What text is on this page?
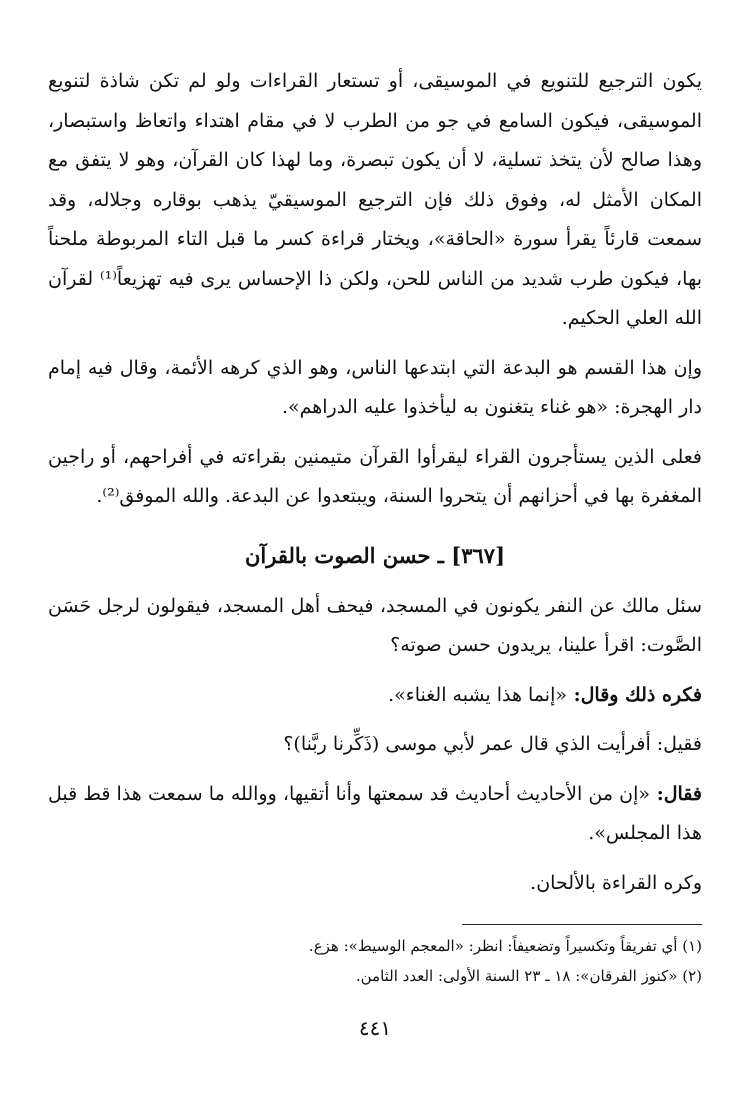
يكون الترجيع للتنويع في الموسيقى، أو تستعار القراءات ولو لم تكن شاذة لتنويع الموسيقى، فيكون السامع في جو من الطرب لا في مقام اهتداء واتعاظ واستبصار، وهذا صالح لأن يتخذ تسلية، لا أن يكون تبصرة، وما لهذا كان القرآن، وهو لا يتفق مع المكان الأمثل له، وفوق ذلك فإن الترجيع الموسيقيّ يذهب بوقاره وجلاله، وقد سمعت قارئاً يقرأ سورة «الحاقة»، ويختار قراءة كسر ما قبل التاء المربوطة ملحناً بها، فيكون طرب شديد من الناس للحن، ولكن ذا الإحساس يرى فيه تهزيعاً⁽¹⁾ لقرآن الله العلي الحكيم.

وإن هذا القسم هو البدعة التي ابتدعها الناس، وهو الذي كرهه الأئمة، وقال فيه إمام دار الهجرة: «هو غناء يتغنون به ليأخذوا عليه الدراهم».

فعلى الذين يستأجرون القراء ليقرأوا القرآن متيمنين بقراءته في أفراحهم، أو راجين المغفرة بها في أحزانهم أن يتحروا السنة، ويبتعدوا عن البدعة. والله الموفق⁽²⁾.

[٣٦٧] ـ حسن الصوت بالقرآن

سئل مالك عن النفر يكونون في المسجد، فيحف أهل المسجد، فيقولون لرجل حَسَن الصَّوت: اقرأ علينا، يريدون حسن صوته؟

فكره ذلك وقال: «إنما هذا يشبه الغناء».

فقيل: أفرأيت الذي قال عمر لأبي موسى (ذَكِّرنا ربَّنا)؟

فقال: «إن من الأحاديث أحاديث قد سمعتها وأنا أتقيها، ووالله ما سمعت هذا قط قبل هذا المجلس».

وكره القراءة بالألحان.

(١) أي تفريقاً وتكسيراً وتضعيفاً: انظر: «المعجم الوسيط»: هزع.

(٢) «كنوز الفرقان»: ١٨ ـ ٢٣ السنة الأولى: العدد الثامن.

٤٤١
